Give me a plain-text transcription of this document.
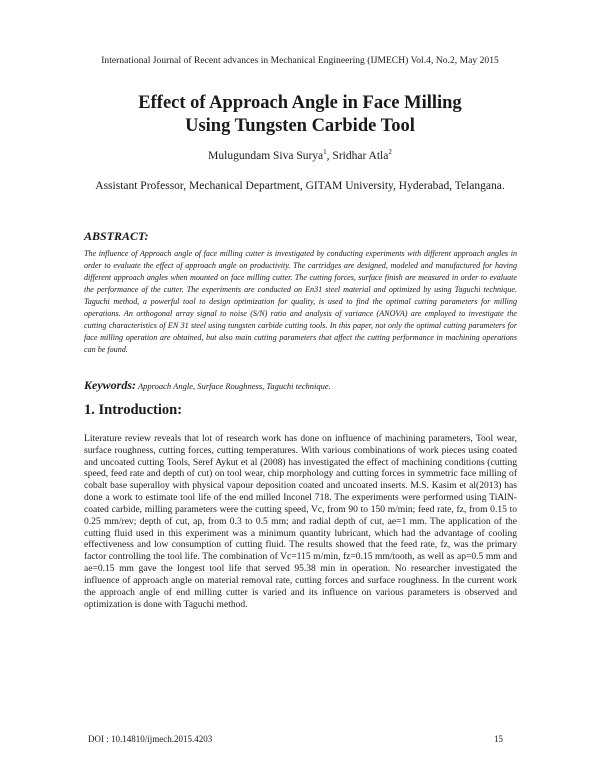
International Journal of Recent advances in Mechanical Engineering (IJMECH) Vol.4, No.2, May 2015
Effect of Approach Angle in Face Milling
Using Tungsten Carbide Tool
Mulugundam Siva Surya$^1$, Sridhar Atla$^2$
Assistant Professor, Mechanical Department, GITAM University, Hyderabad, Telangana.
ABSTRACT:
The influence of Approach angle of face milling cutter is investigated by conducting experiments with different approach angles in order to evaluate the effect of approach angle on productivity. The cartridges are designed, modeled and manufactured for having different approach angles when mounted on face milling cutter. The cutting forces, surface finish are measured in order to evaluate the performance of the cutter. The experiments are conducted on En31 steel material and optimized by using Taguchi technique. Taguchi method, a powerful tool to design optimization for quality, is used to find the optimal cutting parameters for milling operations. An orthogonal array signal to noise (S/N) ratio and analysis of variance (ANOVA) are employed to investigate the cutting characteristics of EN 31 steel using tungsten carbide cutting tools. In this paper, not only the optimal cutting parameters for face milling operation are obtained, but also main cutting parameters that affect the cutting performance in machining operations can be found.
Keywords: Approach Angle, Surface Roughness, Taguchi technique.
1. Introduction:
Literature review reveals that lot of research work has done on influence of machining parameters, Tool wear, surface roughness, cutting forces, cutting temperatures. With various combinations of work pieces using coated and uncoated cutting Tools, Seref Aykut et al (2008) has investigated the effect of machining conditions (cutting speed, feed rate and depth of cut) on tool wear, chip morphology and cutting forces in symmetric face milling of cobalt base superalloy with physical vapour deposition coated and uncoated inserts. M.S. Kasim et al(2013) has done a work to estimate tool life of the end milled Inconel 718. The experiments were performed using TiAlN-coated carbide, milling parameters were the cutting speed, Vc, from 90 to 150 m/min; feed rate, fz, from 0.15 to 0.25 mm/rev; depth of cut, ap, from 0.3 to 0.5 mm; and radial depth of cut, ae=1 mm. The application of the cutting fluid used in this experiment was a minimum quantity lubricant, which had the advantage of cooling effectiveness and low consumption of cutting fluid. The results showed that the feed rate, fz, was the primary factor controlling the tool life. The combination of Vc=115 m/min, fz=0.15 mm/tooth, as well as ap=0.5 mm and ae=0.15 mm gave the longest tool life that served 95.38 min in operation. No researcher investigated the influence of approach angle on material removal rate, cutting forces and surface roughness. In the current work the approach angle of end milling cutter is varied and its influence on various parameters is observed and optimization is done with Taguchi method.
DOI : 10.14810/ijmech.2015.4203	15
